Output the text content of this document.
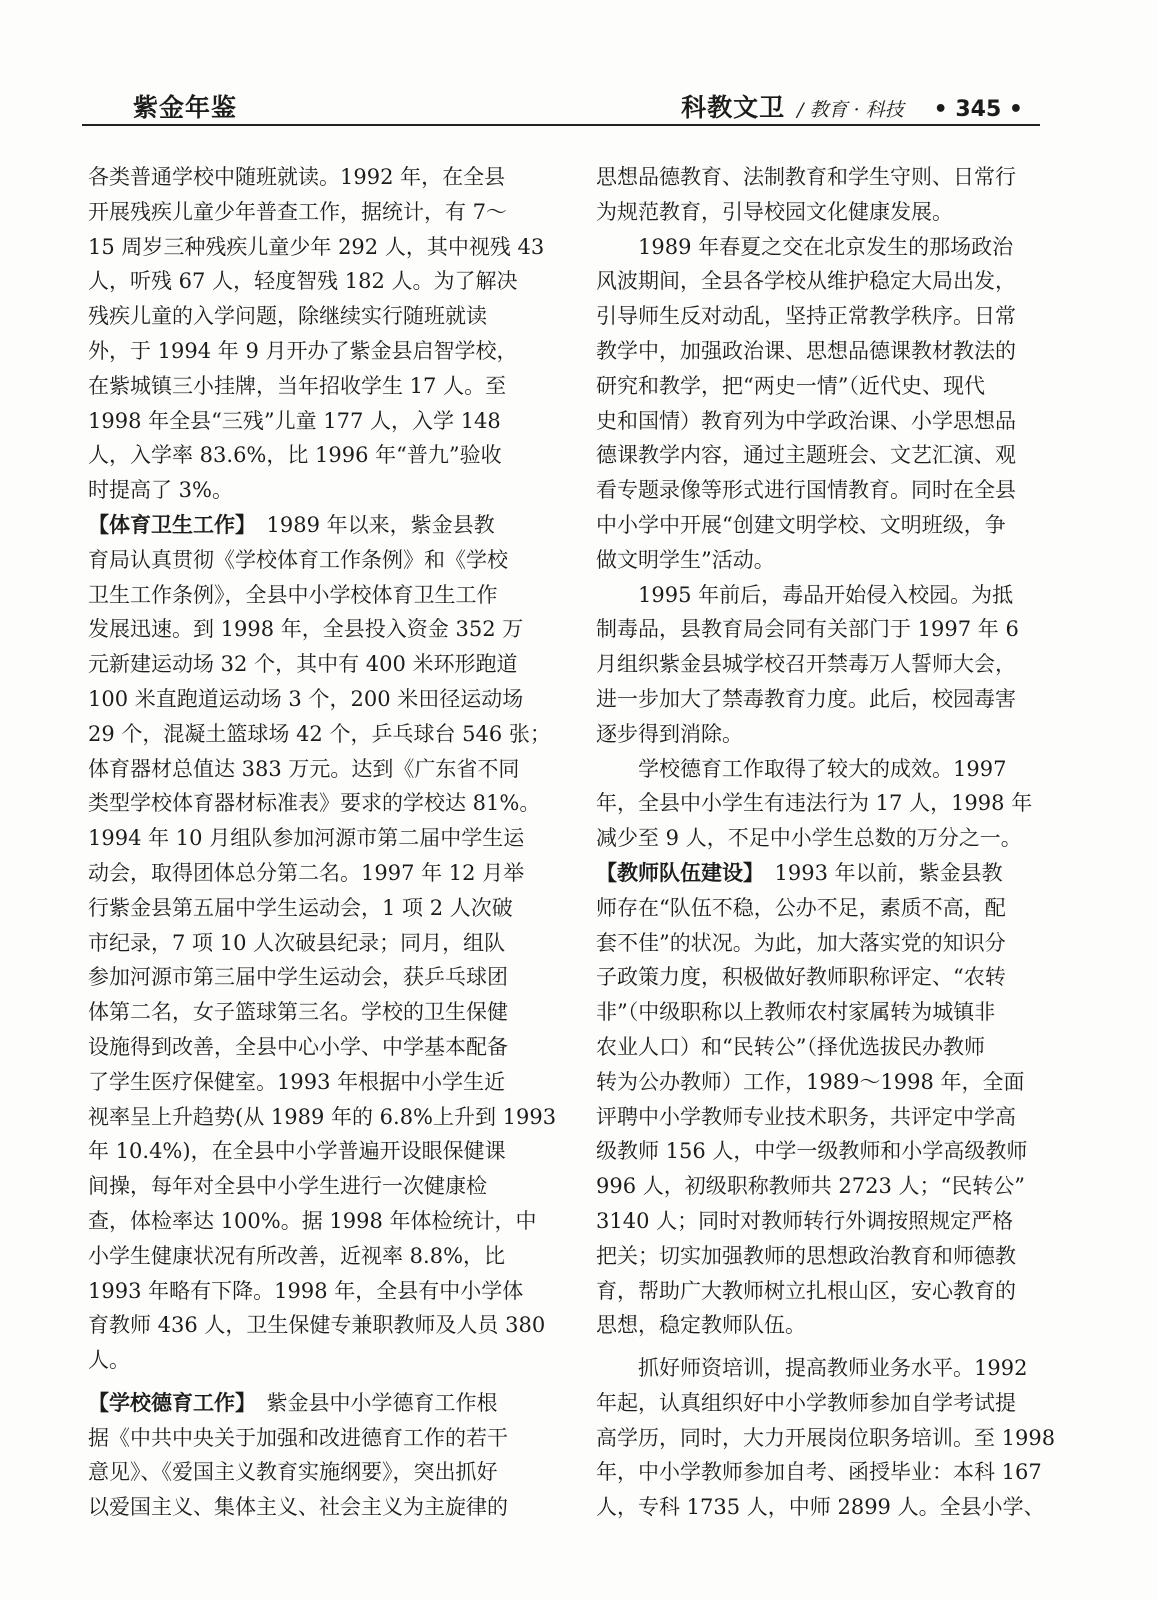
紫金年鉴	科教文卫 / 教育 · 科技 • 345 •
各类普通学校中随班就读。1992 年，在全县
开展残疾儿童少年普查工作，据统计，有 7～
15 周岁三种残疾儿童少年 292 人，其中视残 43
人，听残 67 人，轻度智残 182 人。为了解决
残疾儿童的入学问题，除继续实行随班就读
外，于 1994 年 9 月开办了紫金县启智学校，
在紫城镇三小挂牌，当年招收学生 17 人。至
1998 年全县“三残”儿童 177 人，入学 148
人，入学率 83.6%，比 1996 年“普九”验收
时提高了 3%。
【体育卫生工作】　1989 年以来，紫金县教
育局认真贯彻《学校体育工作条例》和《学校
卫生工作条例》，全县中小学校体育卫生工作
发展迅速。到 1998 年，全县投入资金 352 万
元新建运动场 32 个，其中有 400 米环形跑道
100 米直跑道运动场 3 个，200 米田径运动场
29 个，混凝土篮球场 42 个，乒乓球台 546 张；
体育器材总值达 383 万元。达到《广东省不同
类型学校体育器材标准表》要求的学校达 81%。
1994 年 10 月组队参加河源市第二届中学生运
动会，取得团体总分第二名。1997 年 12 月举
行紫金县第五届中学生运动会，1 项 2 人次破
市纪录，7 项 10 人次破县纪录；同月，组队
参加河源市第三届中学生运动会，获乒乓球团
体第二名，女子篮球第三名。学校的卫生保健
设施得到改善，全县中心小学、中学基本配备
了学生医疗保健室。1993 年根据中小学生近
视率呈上升趋势(从 1989 年的 6.8%上升到 1993
年 10.4%)，在全县中小学普遍开设眼保健课
间操，每年对全县中小学生进行一次健康检
查，体检率达 100%。据 1998 年体检统计，中
小学生健康状况有所改善，近视率 8.8%，比
1993 年略有下降。1998 年，全县有中小学体
育教师 436 人，卫生保健专兼职教师及人员 380
人。
【学校德育工作】　紫金县中小学德育工作根
据《中共中央关于加强和改进德育工作的若干
意见》、《爱国主义教育实施纲要》，突出抓好
以爱国主义、集体主义、社会主义为主旋律的
思想品德教育、法制教育和学生守则、日常行
为规范教育，引导校园文化健康发展。
1989 年春夏之交在北京发生的那场政治
风波期间，全县各学校从维护稳定大局出发，
引导师生反对动乱，坚持正常教学秩序。日常
教学中，加强政治课、思想品德课教材教法的
研究和教学，把“两史一情”（近代史、现代
史和国情）教育列为中学政治课、小学思想品
德课教学内容，通过主题班会、文艺汇演、观
看专题录像等形式进行国情教育。同时在全县
中小学中开展“创建文明学校、文明班级，争
做文明学生”活动。
1995 年前后，毒品开始侵入校园。为抵
制毒品，县教育局会同有关部门于 1997 年 6
月组织紫金县城学校召开禁毒万人誓师大会，
进一步加大了禁毒教育力度。此后，校园毒害
逐步得到消除。
学校德育工作取得了较大的成效。1997
年，全县中小学生有违法行为 17 人，1998 年
减少至 9 人，不足中小学生总数的万分之一。
【教师队伍建设】　1993 年以前，紫金县教
师存在“队伍不稳，公办不足，素质不高，配
套不佳”的状况。为此，加大落实党的知识分
子政策力度，积极做好教师职称评定、“农转
非”（中级职称以上教师农村家属转为城镇非
农业人口）和“民转公”（择优选拔民办教师
转为公办教师）工作，1989～1998 年，全面
评聘中小学教师专业技术职务，共评定中学高
级教师 156 人，中学一级教师和小学高级教师
996 人，初级职称教师共 2723 人；“民转公”
3140 人；同时对教师转行外调按照规定严格
把关；切实加强教师的思想政治教育和师德教
育，帮助广大教师树立扎根山区，安心教育的
思想，稳定教师队伍。
抓好师资培训，提高教师业务水平。1992
年起，认真组织好中小学教师参加自学考试提
高学历，同时，大力开展岗位职务培训。至 1998
年，中小学教师参加自考、函授毕业：本科 167
人，专科 1735 人，中师 2899 人。全县小学、
